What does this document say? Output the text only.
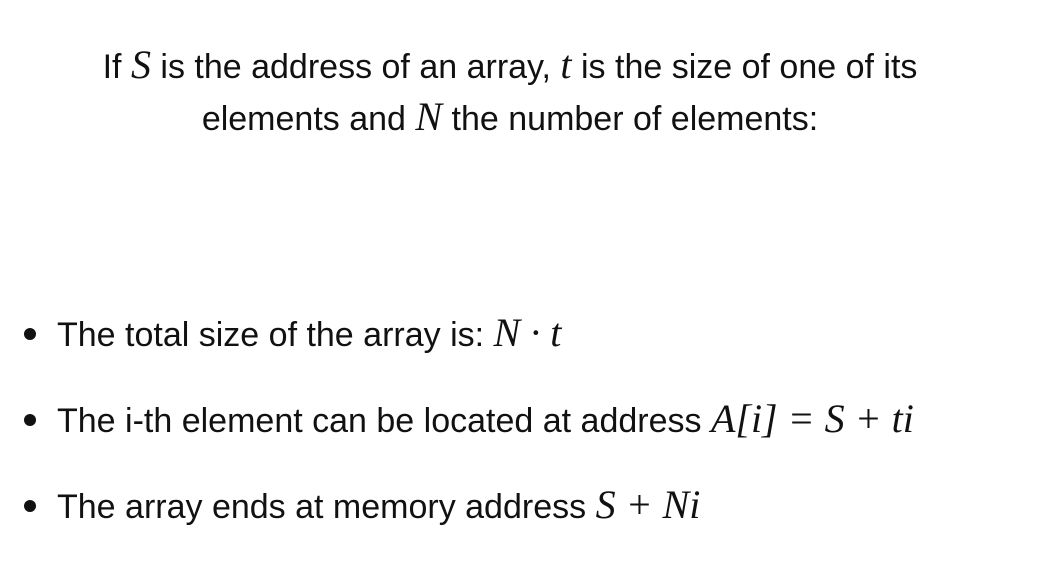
If S is the address of an array, t is the size of one of its
elements and N the number of elements:
The total size of the array is: N · t
The i-th element can be located at address A[i] = S + ti
The array ends at memory address S + Ni
